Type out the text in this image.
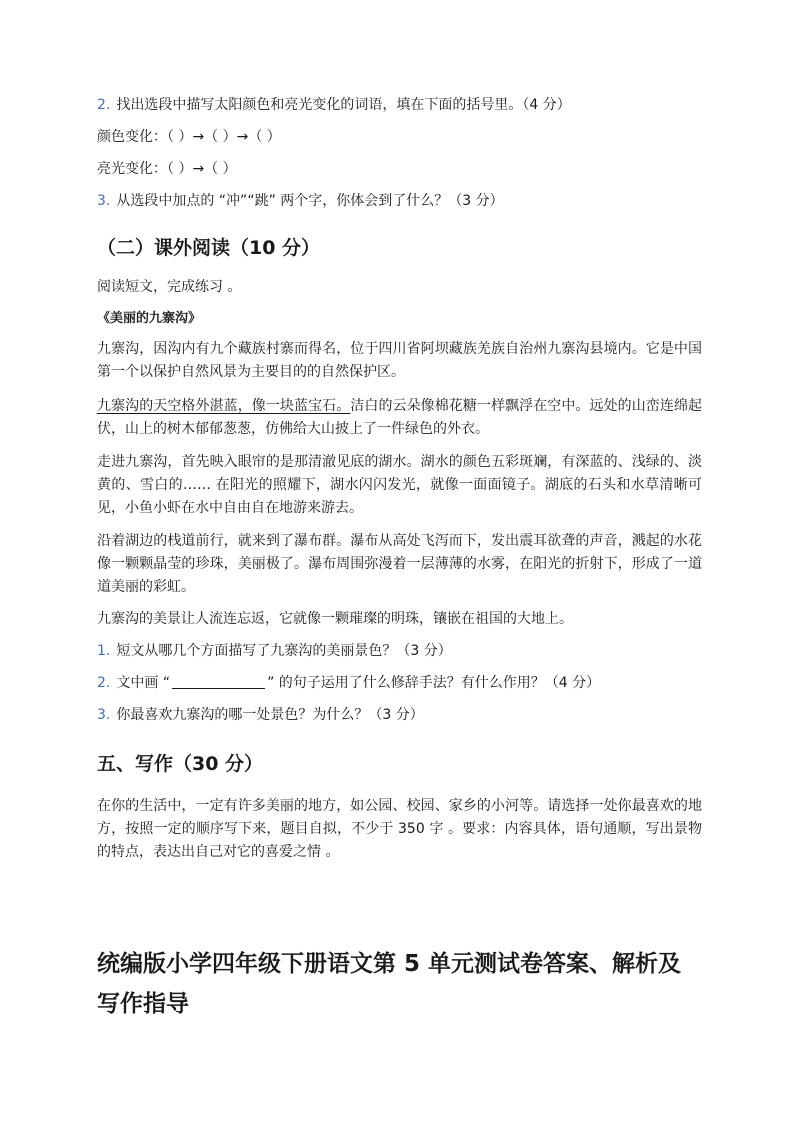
2. 找出选段中描写太阳颜色和亮光变化的词语，填在下面的括号里。（4 分）

颜色变化：（ ）→（ ）→（ ）

亮光变化：（ ）→（ ）

3. 从选段中加点的 “冲”“跳” 两个字，你体会到了什么？（3 分）

（二）课外阅读（10 分）

阅读短文，完成练习 。

《美丽的九寨沟》

九寨沟，因沟内有九个藏族村寨而得名，位于四川省阿坝藏族羌族自治州九寨沟县境内。它是中国第一个以保护自然风景为主要目的的自然保护区。

九寨沟的天空格外湛蓝，像一块蓝宝石。洁白的云朵像棉花糖一样飘浮在空中。远处的山峦连绵起伏，山上的树木郁郁葱葱，仿佛给大山披上了一件绿色的外衣。

走进九寨沟，首先映入眼帘的是那清澈见底的湖水。湖水的颜色五彩斑斓，有深蓝的、浅绿的、淡黄的、雪白的…… 在阳光的照耀下，湖水闪闪发光，就像一面面镜子。湖底的石头和水草清晰可见，小鱼小虾在水中自由自在地游来游去。

沿着湖边的栈道前行，就来到了瀑布群。瀑布从高处飞泻而下，发出震耳欲聋的声音，溅起的水花像一颗颗晶莹的珍珠，美丽极了。瀑布周围弥漫着一层薄薄的水雾，在阳光的折射下，形成了一道道美丽的彩虹。

九寨沟的美景让人流连忘返，它就像一颗璀璨的明珠，镶嵌在祖国的大地上。

1. 短文从哪几个方面描写了九寨沟的美丽景色？（3 分）

2. 文中画 “	” 的句子运用了什么修辞手法？有什么作用？（4 分）

3. 你最喜欢九寨沟的哪一处景色？为什么？（3 分）

五、写作（30 分）

在你的生活中，一定有许多美丽的地方，如公园、校园、家乡的小河等。请选择一处你最喜欢的地方，按照一定的顺序写下来，题目自拟，不少于 350 字 。要求：内容具体，语句通顺，写出景物的特点，表达出自己对它的喜爱之情 。

统编版小学四年级下册语文第 5 单元测试卷答案、解析及写作指导
